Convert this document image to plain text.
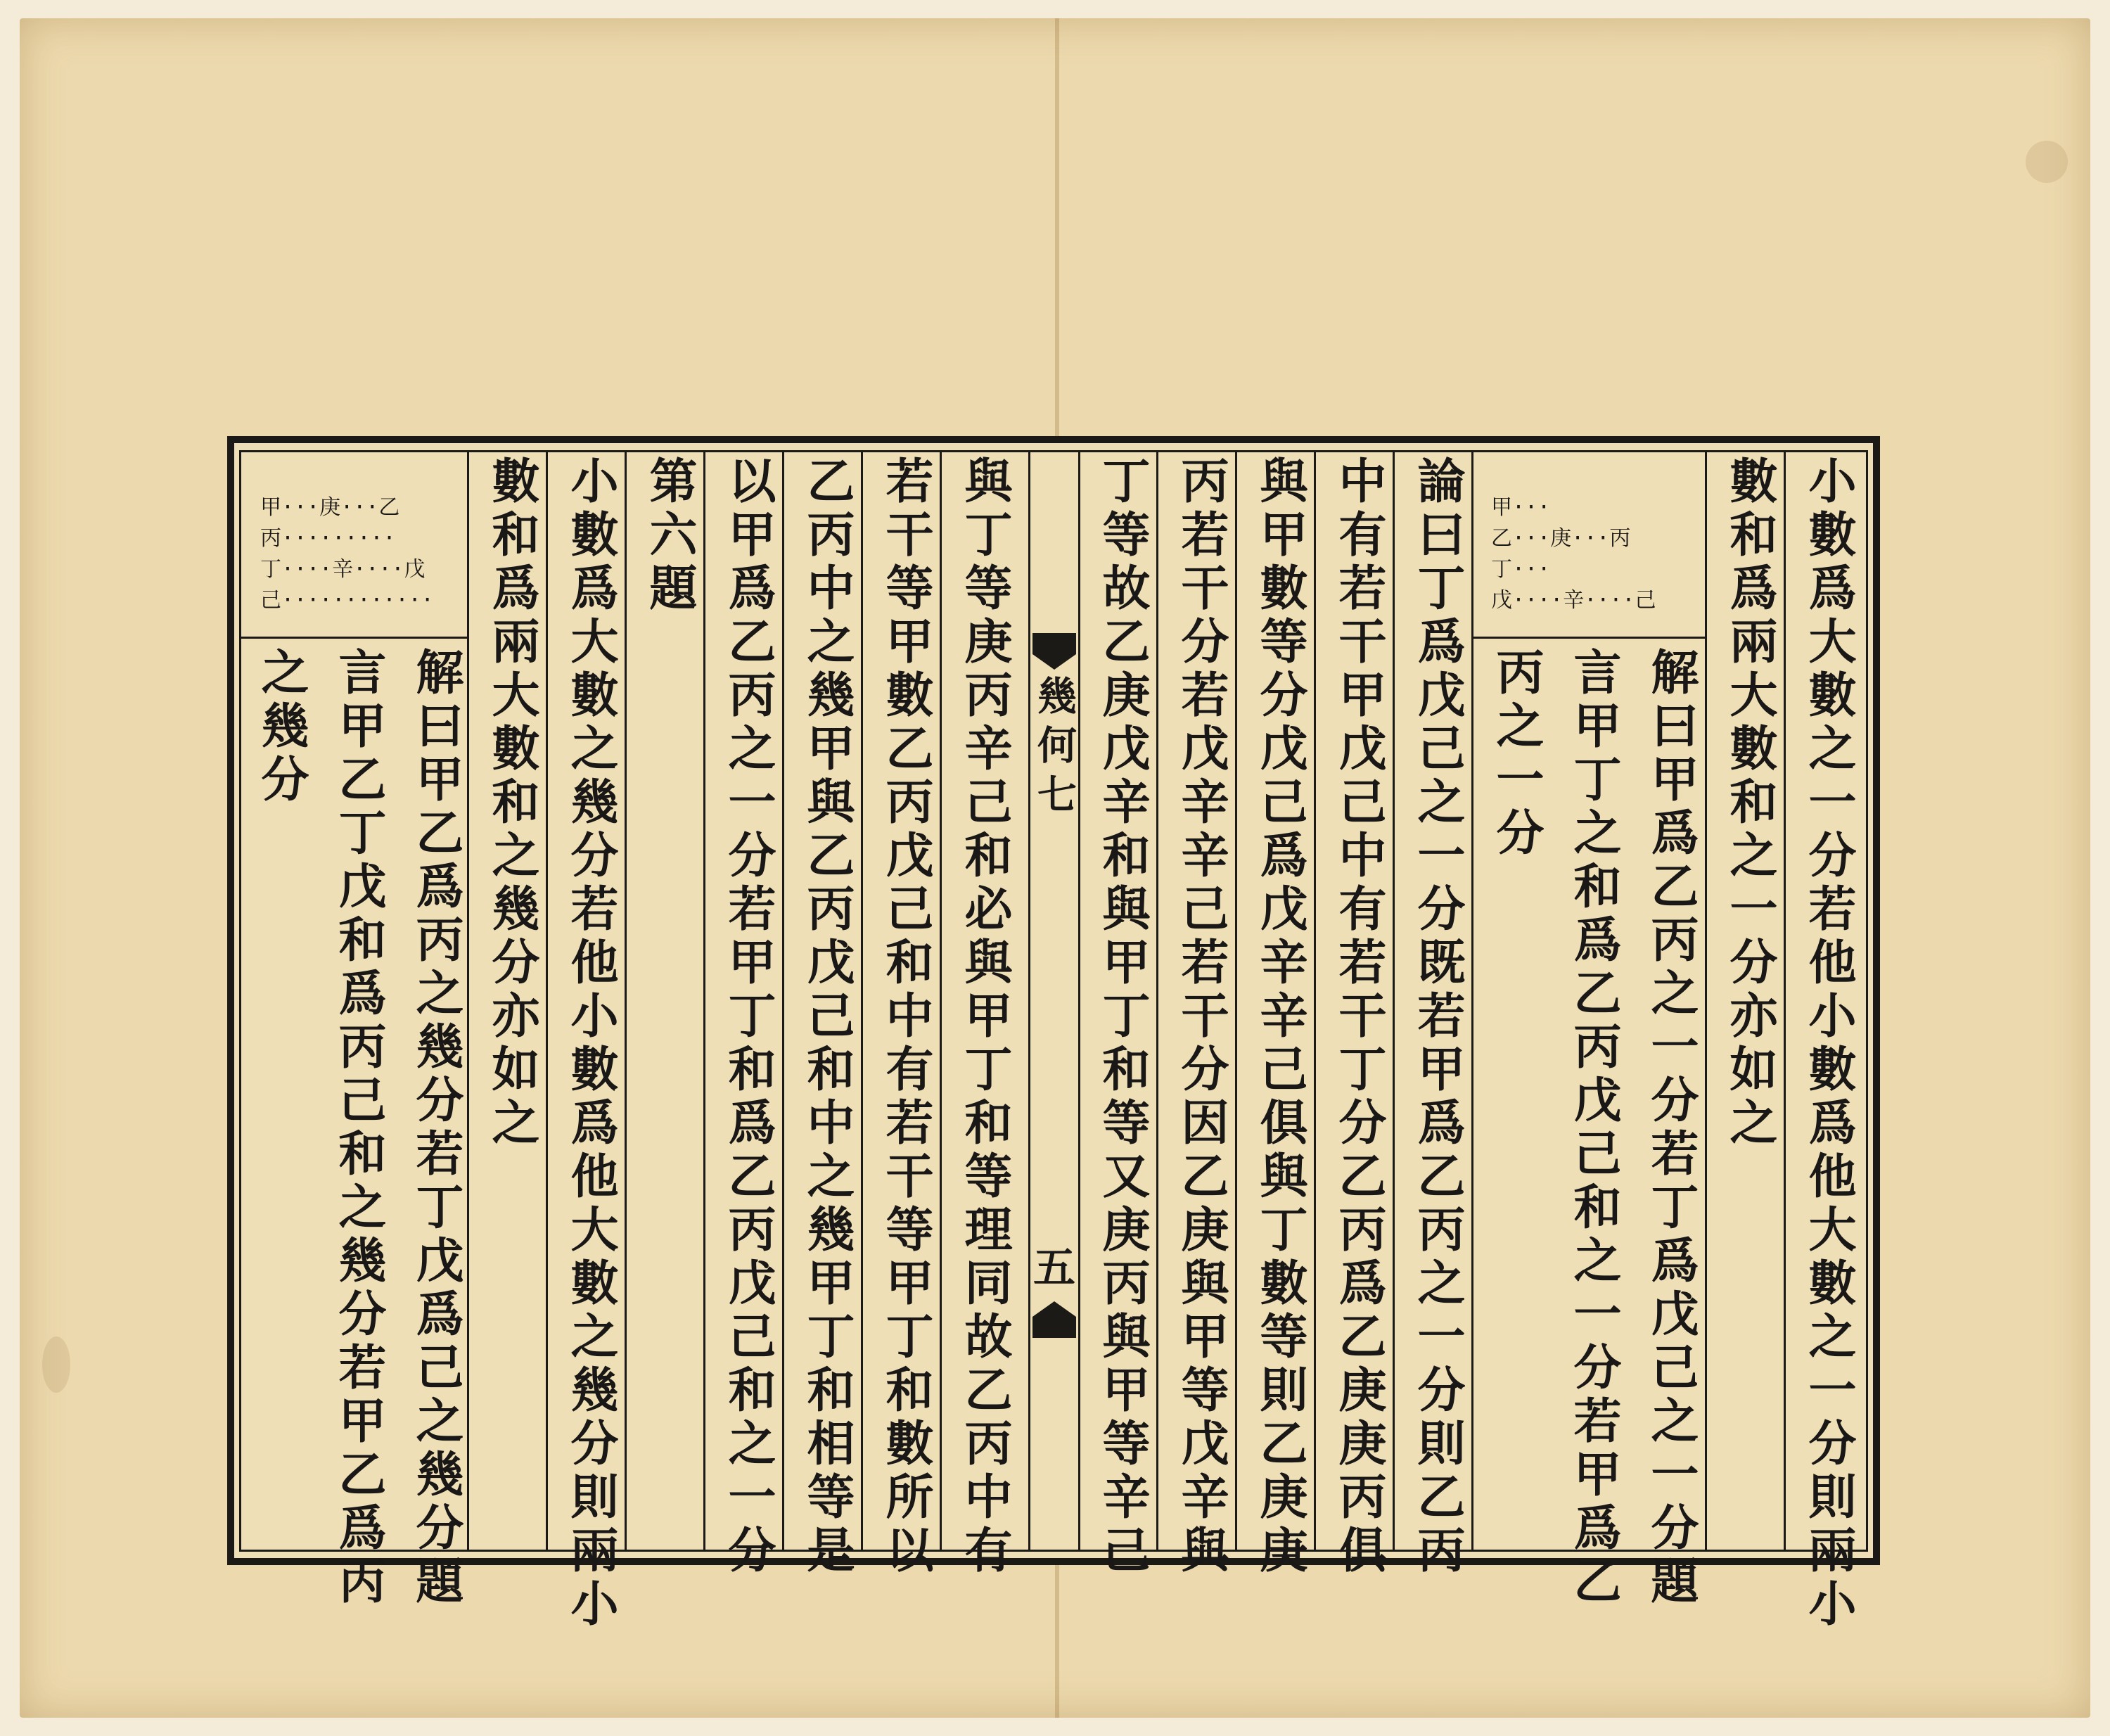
小數爲大數之一分若他小數爲他大數之一分則兩小
數和爲兩大數和之一分亦如之
解曰甲爲乙丙之一分若丁爲戊己之一分題
言甲丁之和爲乙丙戊己和之一分若甲爲乙
丙之一分
甲···
乙···庚···丙
丁···
戊····辛····己
論曰丁爲戊己之一分既若甲爲乙丙之一分則乙丙
中有若干甲戊己中有若干丁分乙丙爲乙庚庚丙俱
與甲數等分戊己爲戊辛辛己俱與丁數等則乙庚庚
丙若干分若戊辛辛己若干分因乙庚與甲等戊辛與
丁等故乙庚戊辛和與甲丁和等又庚丙與甲等辛己
幾何七
五
與丁等庚丙辛己和必與甲丁和等理同故乙丙中有
若干等甲數乙丙戊己和中有若干等甲丁和數所以
乙丙中之幾甲與乙丙戊己和中之幾甲丁和相等是
以甲爲乙丙之一分若甲丁和爲乙丙戊己和之一分
第六題
小數爲大數之幾分若他小數爲他大數之幾分則兩小
數和爲兩大數和之幾分亦如之
解曰甲乙爲丙之幾分若丁戊爲己之幾分題
言甲乙丁戊和爲丙己和之幾分若甲乙爲丙
之幾分
甲···庚···乙
丙·········
丁····辛····戊
己············
